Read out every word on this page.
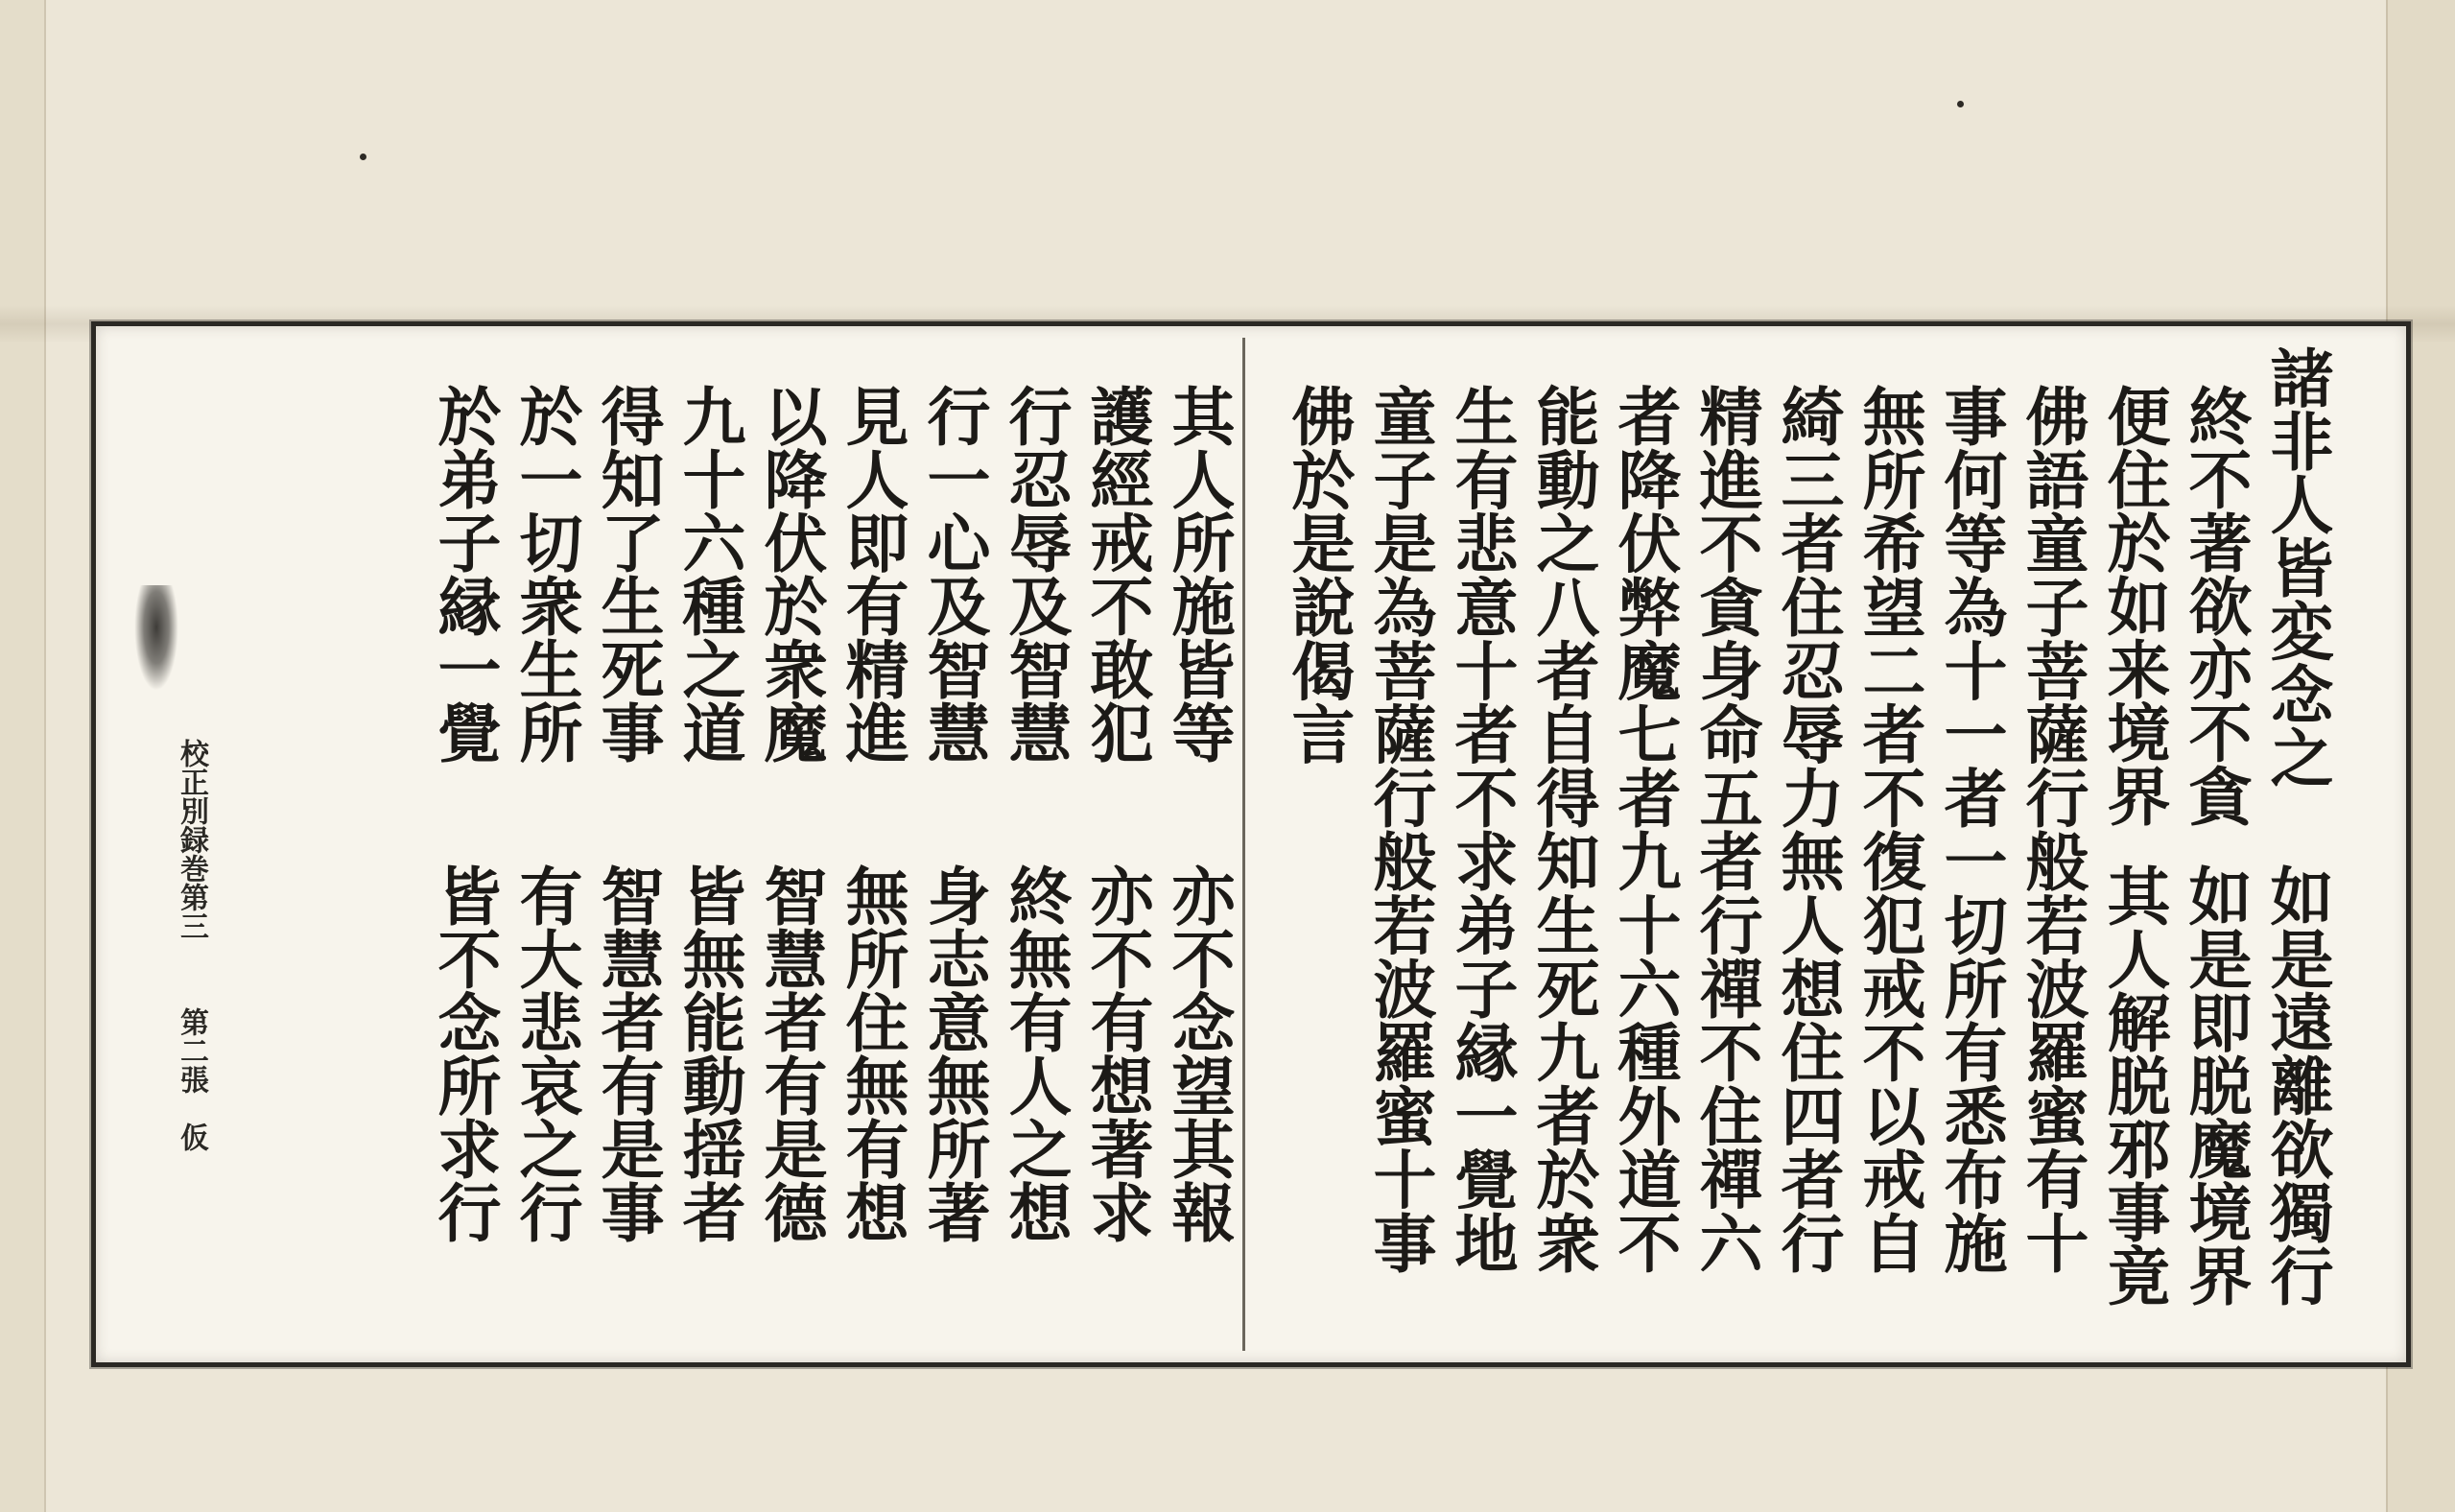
諸非人皆変念之
如是遠離欲獨行
終不著欲亦不貪
如是即脱魔境界
便住於如来境界
其人解脱邪事竟
佛語童子菩薩行般若波羅蜜有十
事何等為十一者一切所有悉布施
無所希望二者不復犯戒不以戒自
綺三者住忍辱力無人想住四者行
精進不貪身命五者行禪不住禪六
者降伏弊魔七者九十六種外道不
能動之八者自得知生死九者於衆
生有悲意十者不求弟子縁一覺地
童子是為菩薩行般若波羅蜜十事
佛於是說偈言
其人所施皆等
亦不念望其報
護經戒不敢犯
亦不有想著求
行忍辱及智慧
終無有人之想
行一心及智慧
身志意無所著
見人即有精進
無所住無有想
以降伏於衆魔
智慧者有是德
九十六種之道
皆無能動揺者
得知了生死事
智慧者有是事
於一切衆生所
有大悲哀之行
於弟子縁一覺
皆不念所求行
校正別録巻第三
第二張
仮
